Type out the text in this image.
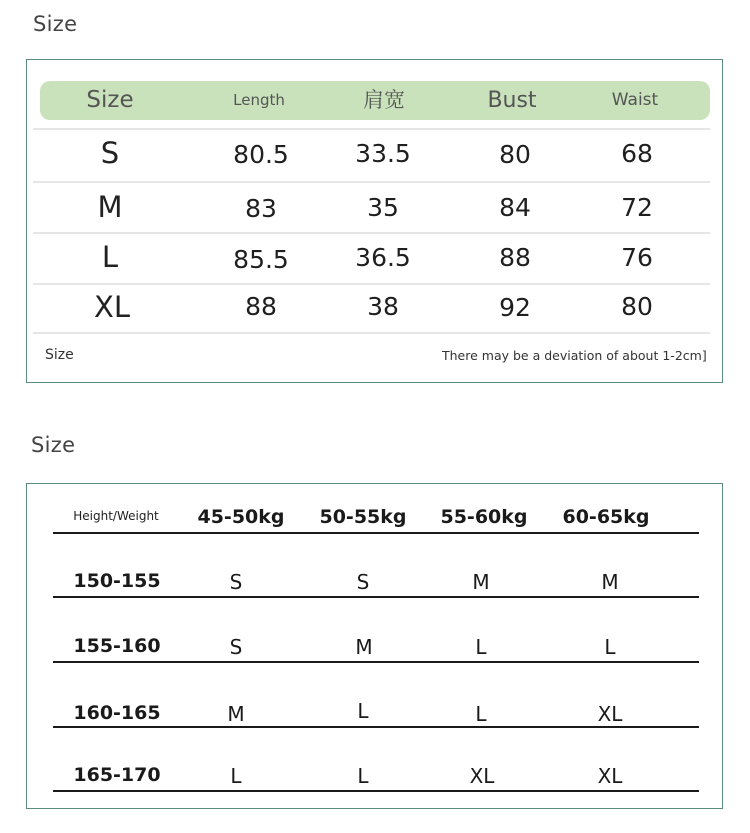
Size
Size	Length	肩宽	Bust	Waist
S	80.5	33.5	80	68
M	83	35	84	72
L	85.5	36.5	88	76
XL	88	38	92	80
Size	There may be a deviation of about 1-2cm]
Size
Height/Weight 45-50kg 50-55kg 55-60kg 60-65kg
150-155	S	S	M	M
155-160	S	M	L	L
160-165	M	L	L	XL
165-170	L	L	XL	XL
